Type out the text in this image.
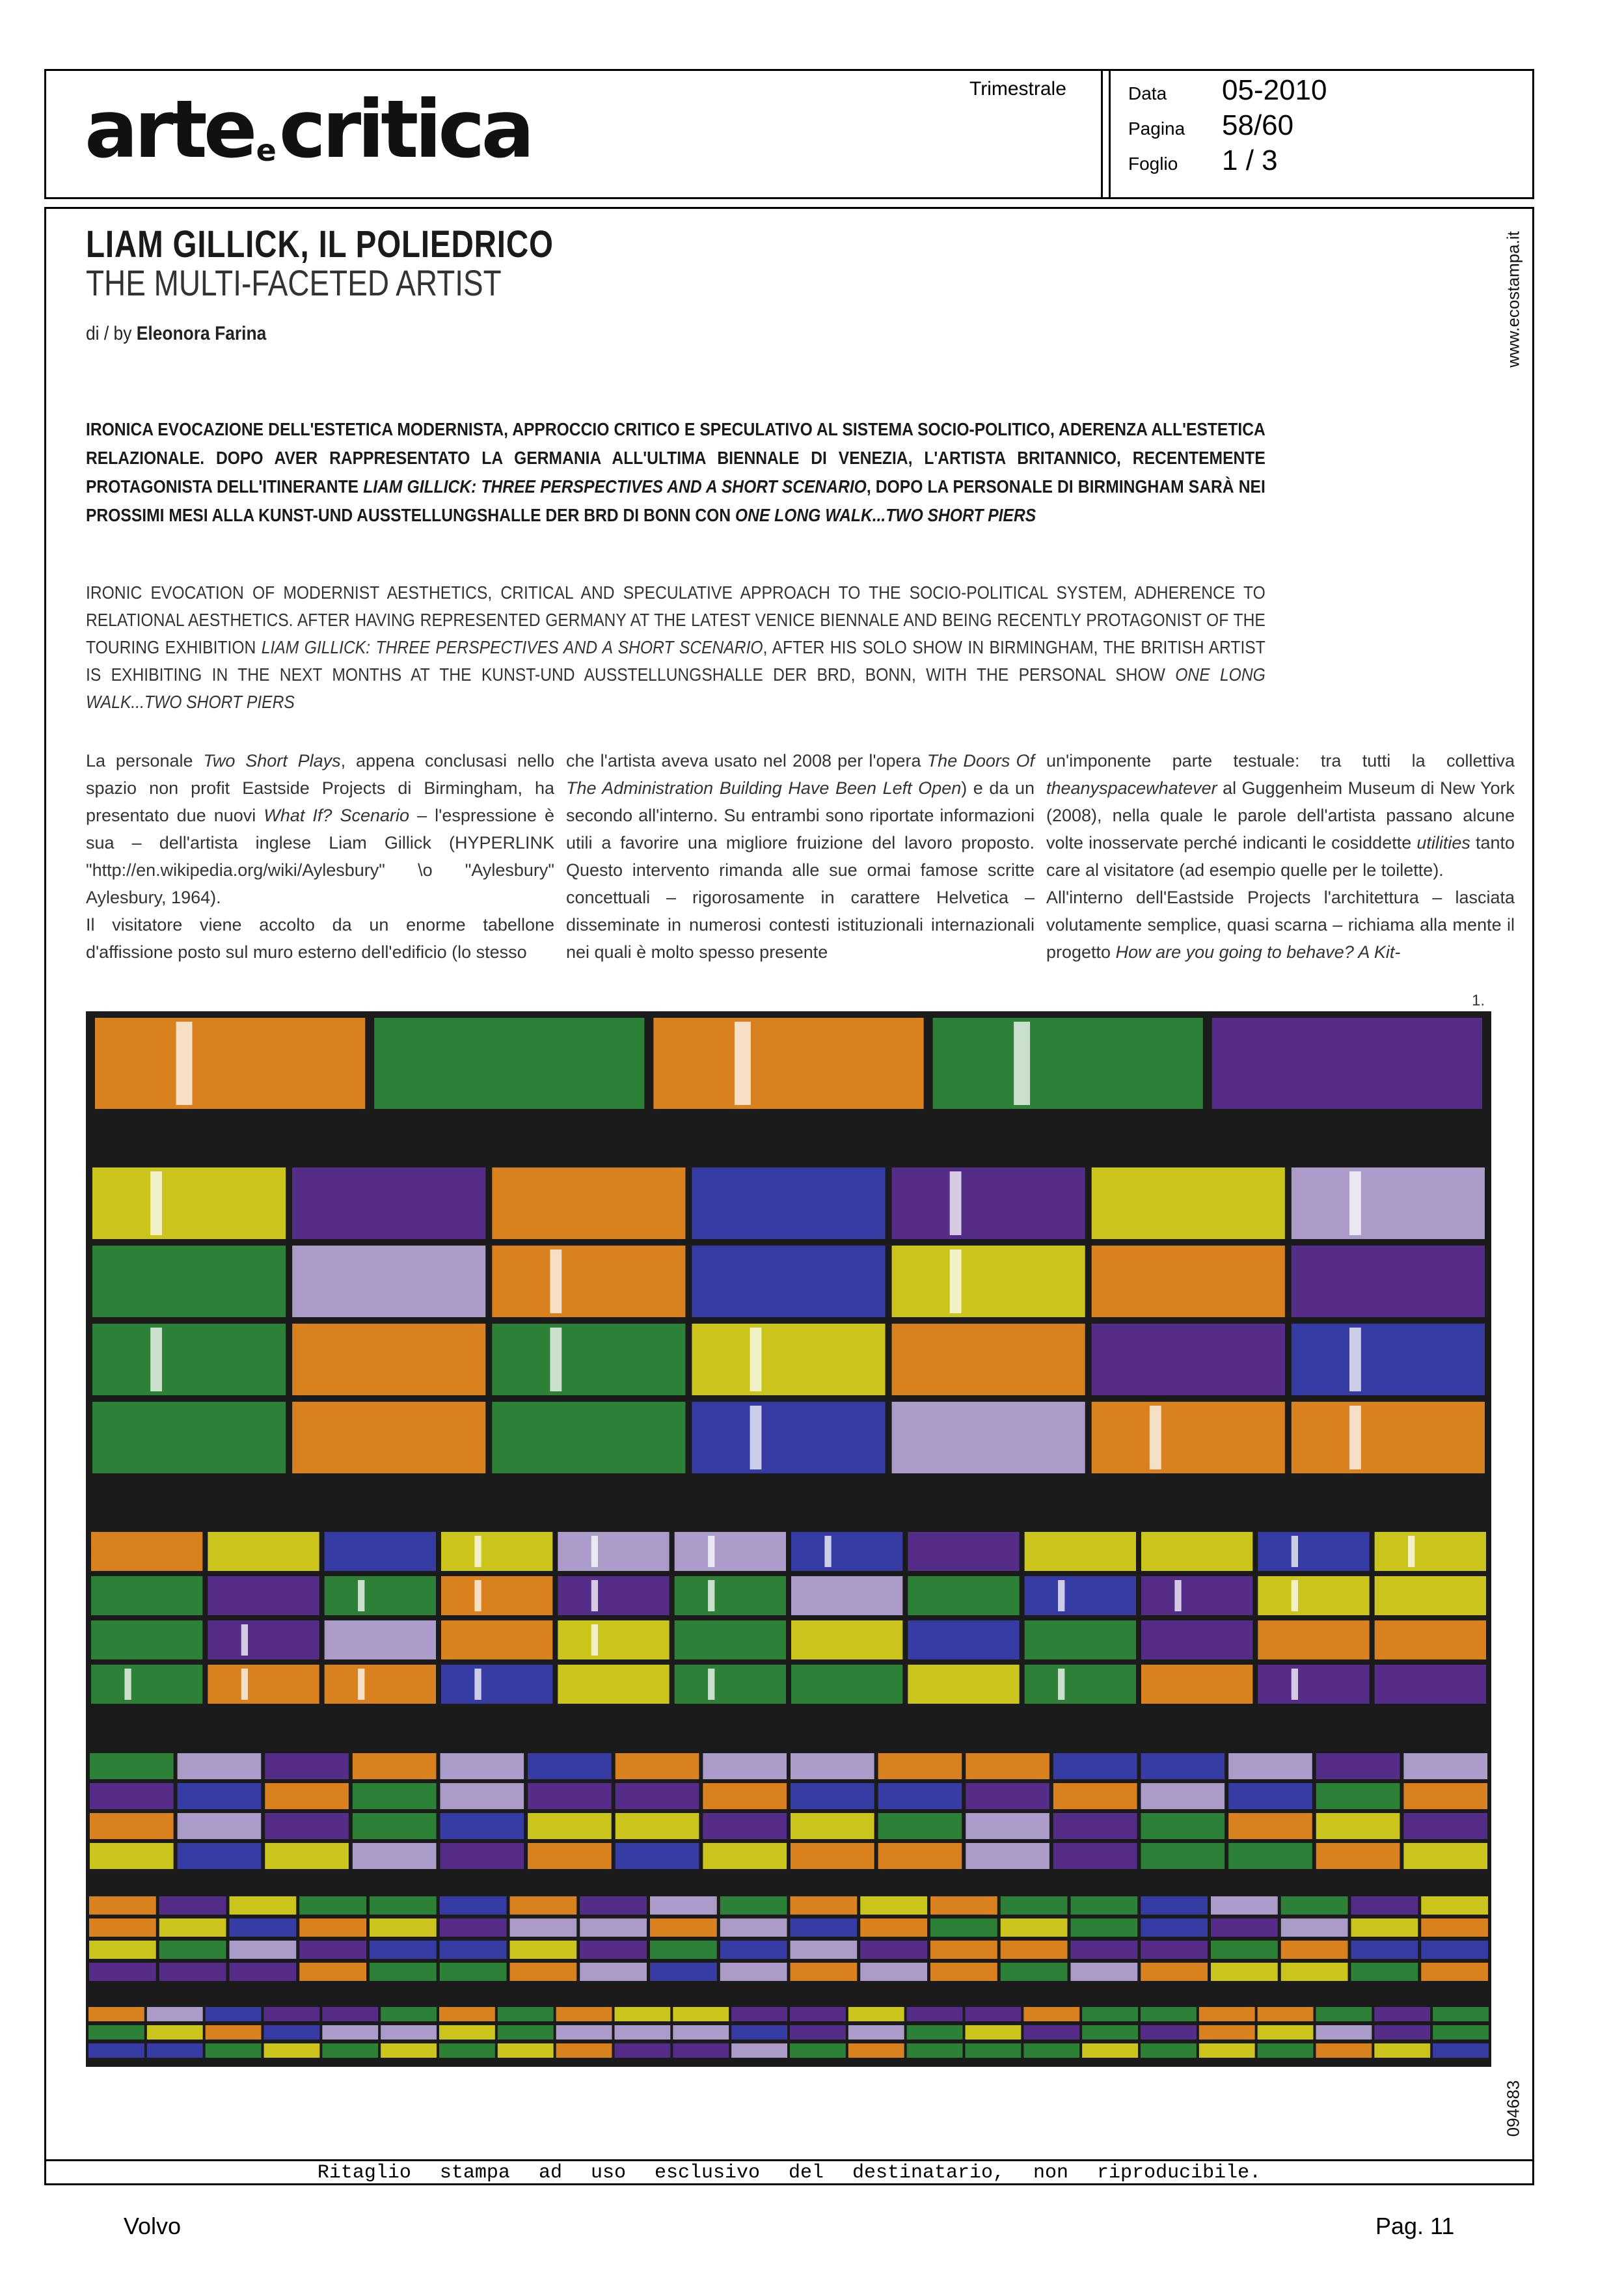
arteecritica	Trimestrale	Data 05-2010
Pagina 58/60
Foglio 1 / 3
www.ecostampa.it
094683
LIAM GILLICK, IL POLIEDRICO
THE MULTI-FACETED ARTIST
di / by Eleonora Farina
IRONICA EVOCAZIONE DELL'ESTETICA MODERNISTA, APPROCCIO CRITICO E SPECULATIVO AL SISTEMA SOCIO-POLITICO, ADERENZA ALL'ESTETICA RELAZIONALE. DOPO AVER RAPPRESENTATO LA GERMANIA ALL'ULTIMA BIENNALE DI VENEZIA, L'ARTISTA BRITANNICO, RECENTEMENTE PROTAGONISTA DELL'ITINERANTE LIAM GILLICK: THREE PERSPECTIVES AND A SHORT SCENARIO, DOPO LA PERSONALE DI BIRMINGHAM SARÀ NEI PROSSIMI MESI ALLA KUNST-UND AUSSTELLUNGSHALLE DER BRD DI BONN CON ONE LONG WALK...TWO SHORT PIERS
IRONIC EVOCATION OF MODERNIST AESTHETICS, CRITICAL AND SPECULATIVE APPROACH TO THE SOCIO-POLITICAL SYSTEM, ADHERENCE TO RELATIONAL AESTHETICS. AFTER HAVING REPRESENTED GERMANY AT THE LATEST VENICE BIENNALE AND BEING RECENTLY PROTAGONIST OF THE TOURING EXHIBITION LIAM GILLICK: THREE PERSPECTIVES AND A SHORT SCENARIO, AFTER HIS SOLO SHOW IN BIRMINGHAM, THE BRITISH ARTIST IS EXHIBITING IN THE NEXT MONTHS AT THE KUNST-UND AUSSTELLUNGSHALLE DER BRD, BONN, WITH THE PERSONAL SHOW ONE LONG WALK...TWO SHORT PIERS

La personale Two Short Plays, appena conclusasi nello spazio non profit Eastside Projects di Birmingham, ha presentato due nuovi What If? Scenario – l'espressione è sua – dell'artista inglese Liam Gillick (HYPERLINK "http://en.wikipedia.org/wiki/Aylesbury" \o "Aylesbury" Aylesbury, 1964).

Il visitatore viene accolto da un enorme tabellone d'affissione posto sul muro esterno dell'edificio (lo stesso

che l'artista aveva usato nel 2008 per l'opera The Doors Of The Administration Building Have Been Left Open) e da un secondo all'interno. Su entrambi sono riportate informazioni utili a favorire una migliore fruizione del lavoro proposto. Questo intervento rimanda alle sue ormai famose scritte concettuali – rigorosamente in carattere Helvetica – disseminate in numerosi contesti istituzionali internazionali nei quali è molto spesso presente

un'imponente parte testuale: tra tutti la collettiva theanyspacewhatever al Guggenheim Museum di New York (2008), nella quale le parole dell'artista passano alcune volte inosservate perché indicanti le cosiddette utilities tanto care al visitatore (ad esempio quelle per le toilette).

All'interno dell'Eastside Projects l'architettura – lasciata volutamente semplice, quasi scarna – richiama alla mente il progetto How are you going to behave? A Kit-

1.
Ritaglio stampa ad uso esclusivo del destinatario, non riproducibile.
Volvo	Pag. 11
